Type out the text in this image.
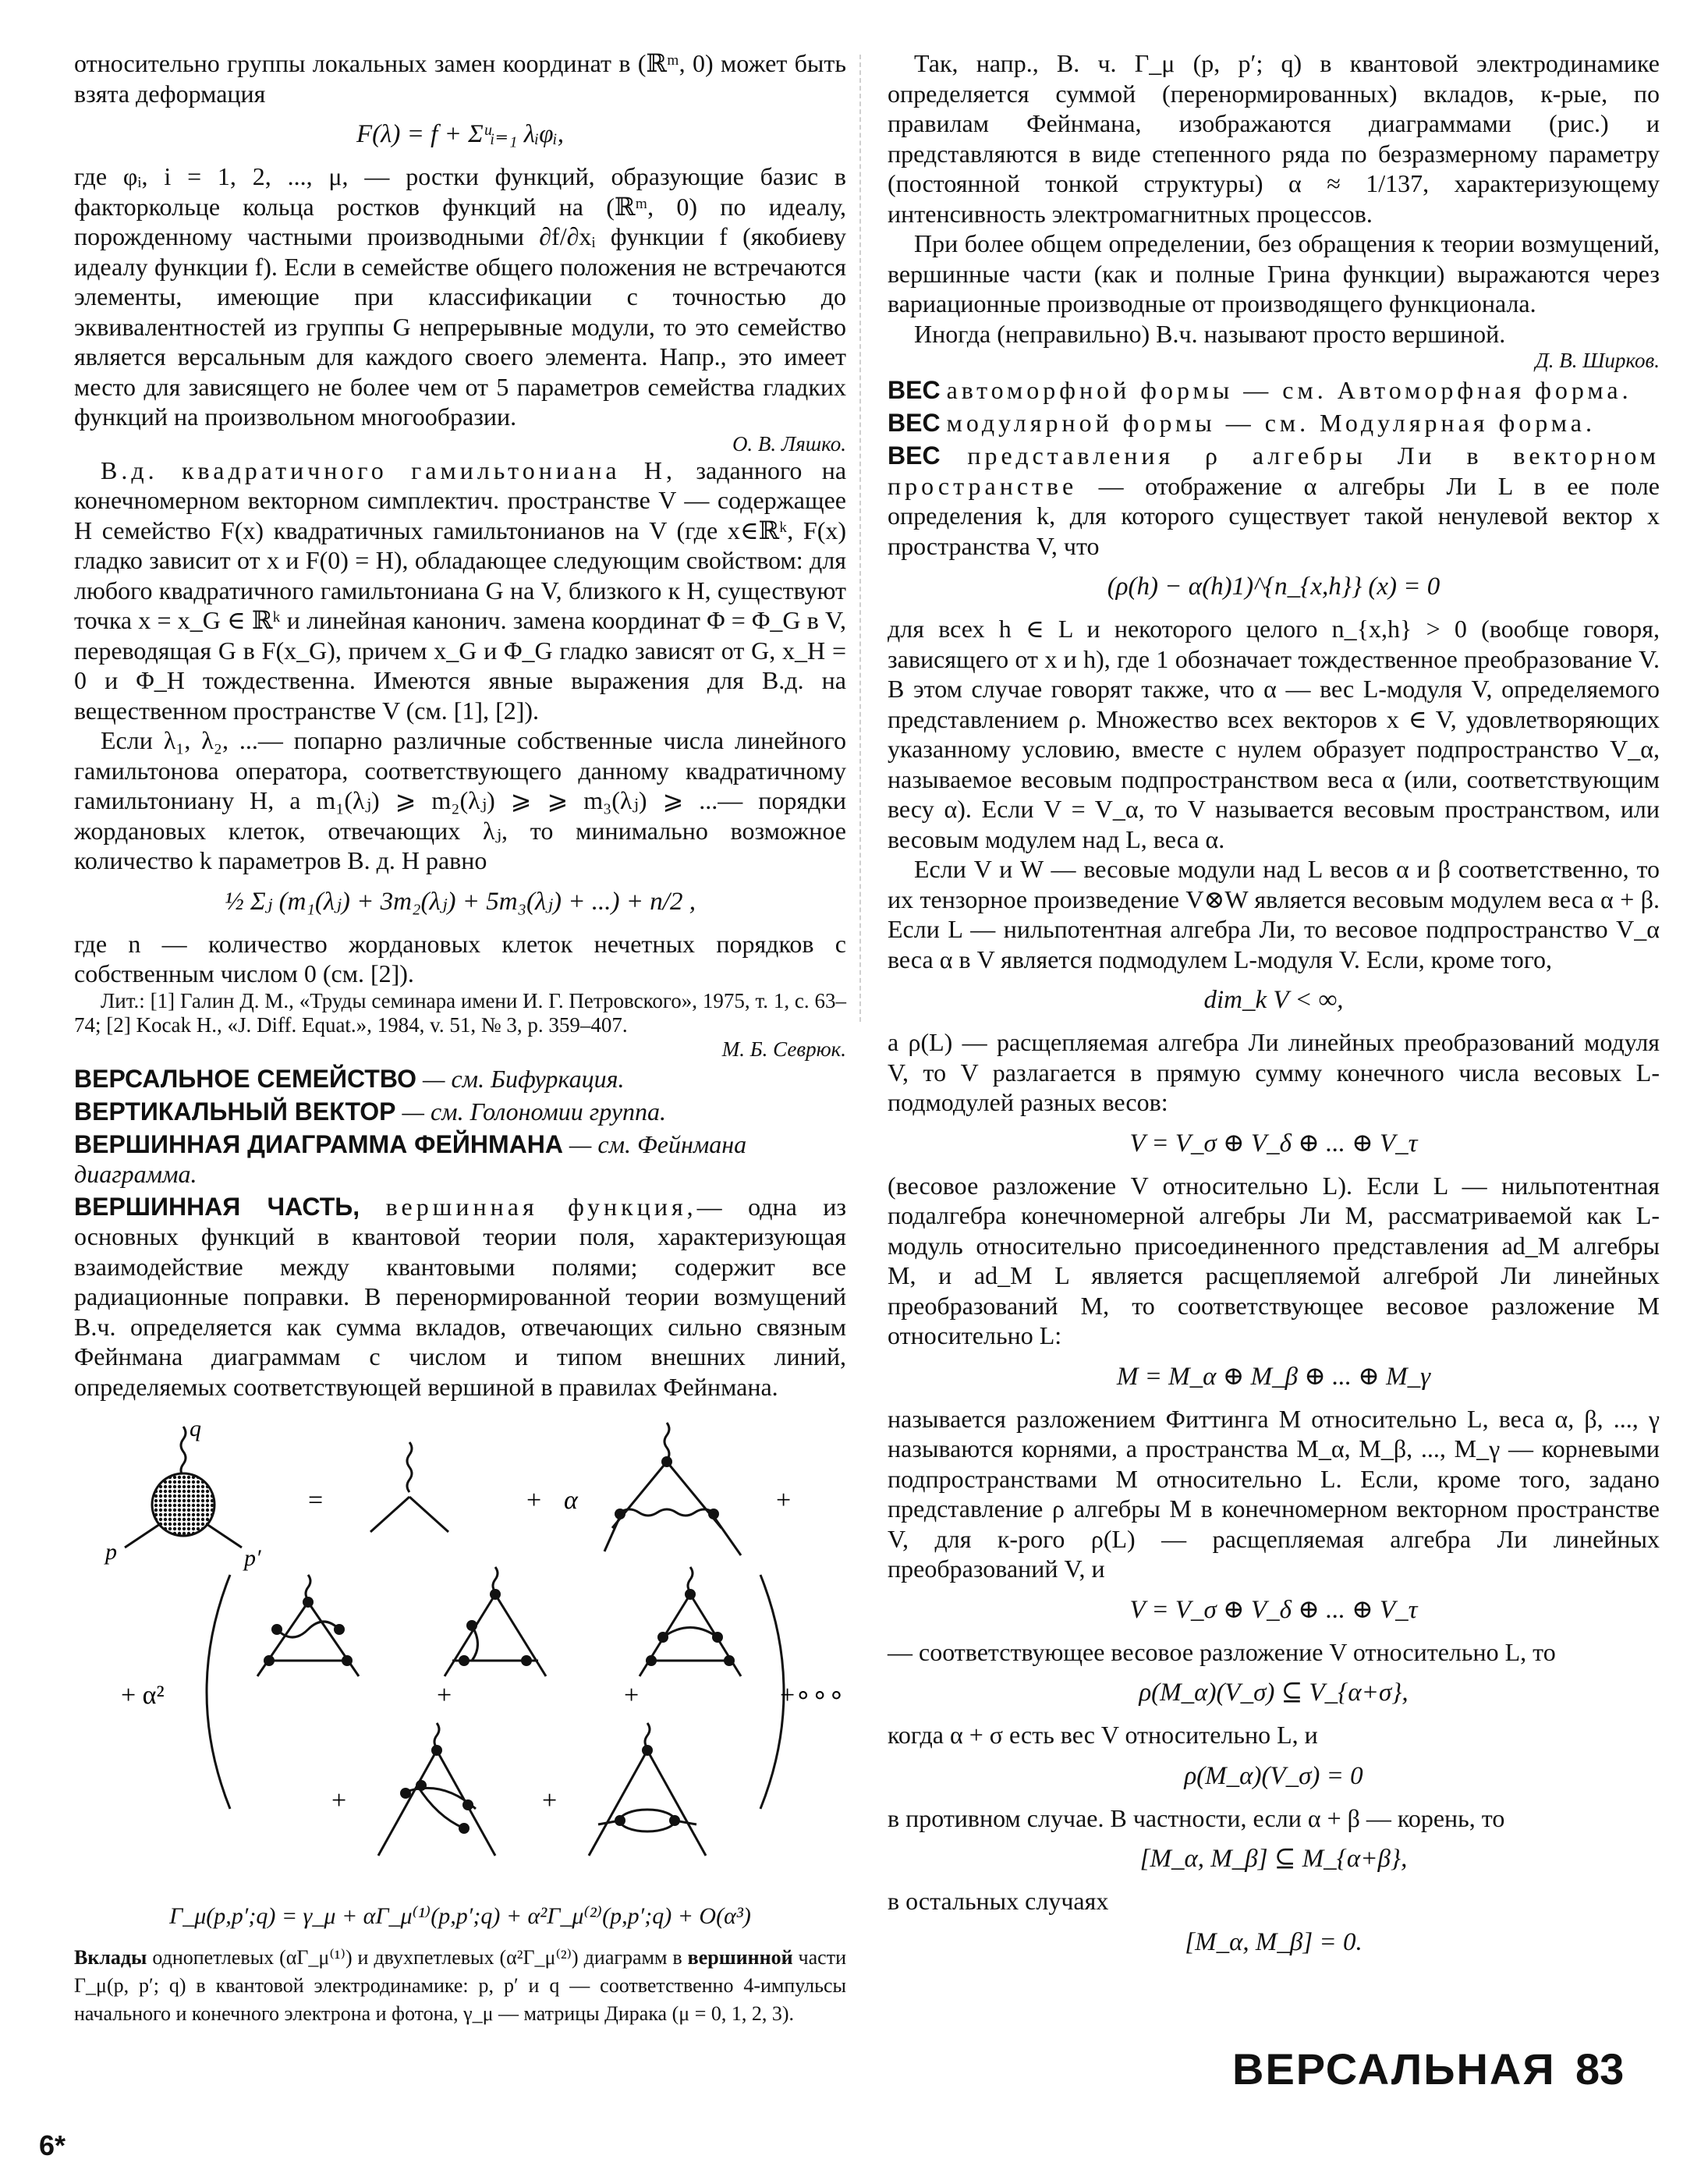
относительно группы локальных замен координат в (ℝᵐ, 0) может быть взята деформация

F(λ) = f + Σᵘᵢ₌₁ λᵢφᵢ,

где φᵢ, i = 1, 2, ..., μ, — ростки функций, образующие базис в факторкольце кольца ростков функций на (ℝᵐ, 0) по идеалу, порожденному частными производными ∂f/∂xᵢ функции f (якобиеву идеалу функции f). Если в семействе общего положения не встречаются элементы, имеющие при классификации с точностью до эквивалентностей из группы G непрерывные модули, то это семейство является версальным для каждого своего элемента. Напр., это имеет место для зависящего не более чем от 5 параметров семейства гладких функций на произвольном многообразии.

О. В. Ляшко.

В.д. квадратичного гамильтониана H, заданного на конечномерном векторном симплектич. пространстве V — содержащее H семейство F(x) квадратичных гамильтонианов на V (где x∈ℝᵏ, F(x) гладко зависит от x и F(0) = H), обладающее следующим свойством: для любого квадратичного гамильтониана G на V, близкого к H, существуют точка x = x_G ∈ ℝᵏ и линейная канонич. замена координат Φ = Φ_G в V, переводящая G в F(x_G), причем x_G и Φ_G гладко зависят от G, x_H = 0 и Φ_H тождественна. Имеются явные выражения для В.д. на вещественном пространстве V (см. [1], [2]).

Если λ₁, λ₂, ...— попарно различные собственные числа линейного гамильтонова оператора, соответствующего данному квадратичному гамильтониану H, а m₁(λⱼ) ⩾ m₂(λⱼ) ⩾ ⩾ m₃(λⱼ) ⩾ ...— порядки жордановых клеток, отвечающих λⱼ, то минимально возможное количество k параметров В. д. H равно

½ Σⱼ (m₁(λⱼ) + 3m₂(λⱼ) + 5m₃(λⱼ) + ...) + n/2 ,

где n — количество жордановых клеток нечетных порядков с собственным числом 0 (см. [2]).

Лит.: [1] Галин Д. М., «Труды семинара имени И. Г. Петровского», 1975, т. 1, с. 63–74; [2] Kocak H., «J. Diff. Equat.», 1984, v. 51, № 3, p. 359–407.

М. Б. Севрюк.
ВЕРСАЛЬНОЕ СЕМЕЙСТВО — см. Бифуркация.
ВЕРТИКАЛЬНЫЙ ВЕКТОР — см. Голономии группа.
ВЕРШИННАЯ ДИАГРАММА ФЕЙНМАНА — см. Фейнмана диаграмма.

ВЕРШИННАЯ ЧАСТЬ, вершинная функция,— одна из основных функций в квантовой теории поля, характеризующая взаимодействие между квантовыми полями; содержит все радиационные поправки. В перенормированной теории возмущений В.ч. определяется как сумма вкладов, отвечающих сильно связным Фейнмана диаграммам с числом и типом внешних линий, определяемых соответствующей вершиной в правилах Фейнмана.

q
p	p′
=	+ α	+
+ α²	+∘∘∘
+	+
+	+
Γ_μ(p,p′;q) = γ_μ + αΓ_μ⁽¹⁾(p,p′;q) + α²Γ_μ⁽²⁾(p,p′;q) + O(α³)

Вклады однопетлевых (αΓ_μ⁽¹⁾) и двухпетлевых (α²Γ_μ⁽²⁾) диаграмм в вершинной части Γ_μ(p, p′; q) в квантовой электродинамике: p, p′ и q — соответственно 4-импульсы начального и конечного электрона и фотона, γ_μ — матрицы Дирака (μ = 0, 1, 2, 3).

Так, напр., В. ч. Γ_μ (p, p′; q) в квантовой электродинамике определяется суммой (перенормированных) вкладов, к-рые, по правилам Фейнмана, изображаются диаграммами (рис.) и представляются в виде степенного ряда по безразмерному параметру (постоянной тонкой структуры) α ≈ 1/137, характеризующему интенсивность электромагнитных процессов.

При более общем определении, без обращения к теории возмущений, вершинные части (как и полные Грина функции) выражаются через вариационные производные от производящего функционала.

Иногда (неправильно) В.ч. называют просто вершиной.

Д. В. Ширков.
ВЕС автоморфной формы — см. Автоморфная форма.
ВЕС модулярной формы — см. Модулярная форма.

ВЕС представления ρ алгебры Ли в векторном пространстве — отображение α алгебры Ли L в ее поле определения k, для которого существует такой ненулевой вектор x пространства V, что

(ρ(h) − α(h)1)^{n_{x,h}} (x) = 0

для всех h ∈ L и некоторого целого n_{x,h} > 0 (вообще говоря, зависящего от x и h), где 1 обозначает тождественное преобразование V. В этом случае говорят также, что α — вес L-модуля V, определяемого представлением ρ. Множество всех векторов x ∈ V, удовлетворяющих указанному условию, вместе с нулем образует подпространство V_α, называемое весовым подпространством веса α (или, соответствующим весу α). Если V = V_α, то V называется весовым пространством, или весовым модулем над L, веса α.

Если V и W — весовые модули над L весов α и β соответственно, то их тензорное произведение V⊗W является весовым модулем веса α + β. Если L — нильпотентная алгебра Ли, то весовое подпространство V_α веса α в V является подмодулем L-модуля V. Если, кроме того,

dim_k V < ∞,

а ρ(L) — расщепляемая алгебра Ли линейных преобразований модуля V, то V разлагается в прямую сумму конечного числа весовых L-подмодулей разных весов:

V = V_σ ⊕ V_δ ⊕ ... ⊕ V_τ

(весовое разложение V относительно L). Если L — нильпотентная подалгебра конечномерной алгебры Ли M, рассматриваемой как L-модуль относительно присоединенного представления ad_M алгебры M, и ad_M L является расщепляемой алгеброй Ли линейных преобразований M, то соответствующее весовое разложение M относительно L:

M = M_α ⊕ M_β ⊕ ... ⊕ M_γ

называется разложением Фиттинга M относительно L, веса α, β, ..., γ называются корнями, а пространства M_α, M_β, ..., M_γ — корневыми подпространствами M относительно L. Если, кроме того, задано представление ρ алгебры M в конечномерном векторном пространстве V, для к-рого ρ(L) — расщепляемая алгебра Ли линейных преобразований V, и

V = V_σ ⊕ V_δ ⊕ ... ⊕ V_τ

— соответствующее весовое разложение V относительно L, то

ρ(M_α)(V_σ) ⊆ V_{α+σ},

когда α + σ есть вес V относительно L, и

ρ(M_α)(V_σ) = 0

в противном случае. В частности, если α + β — корень, то

[M_α, M_β] ⊆ M_{α+β},

в остальных случаях

[M_α, M_β] = 0.
ВЕРСАЛЬНАЯ 83
6*
